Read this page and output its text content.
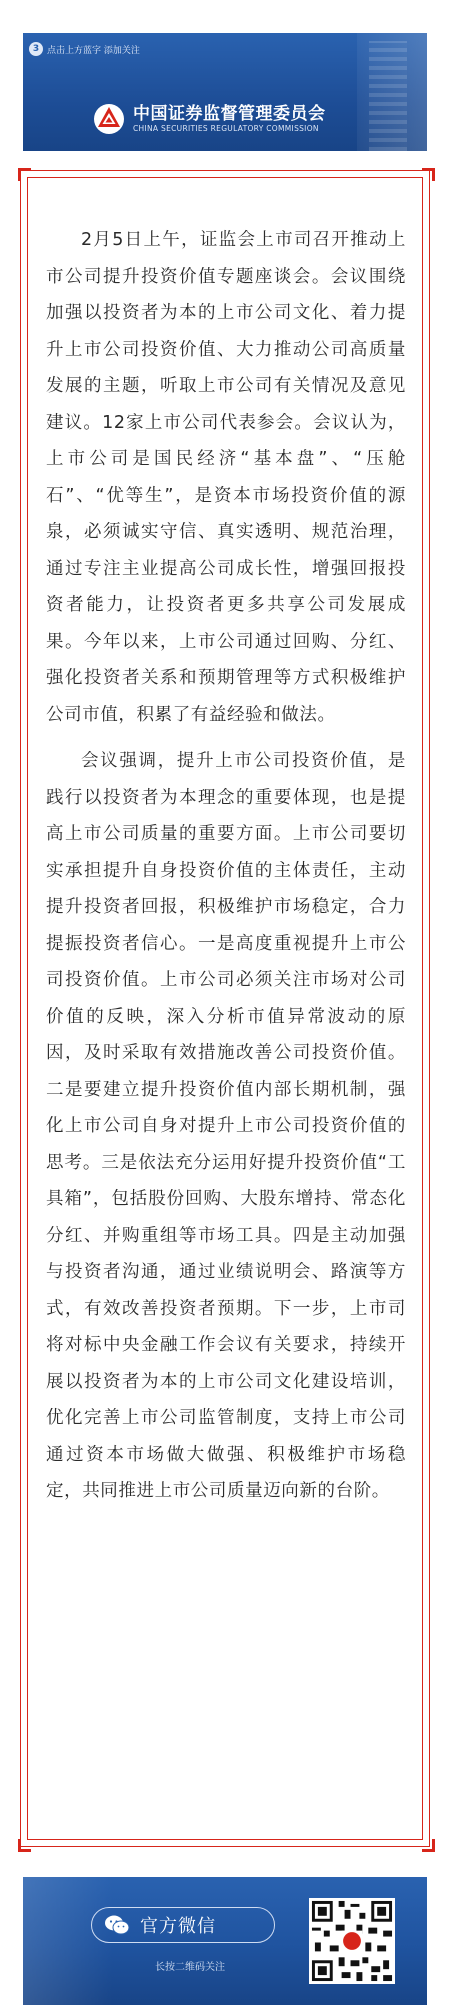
3 点击上方蓝字 添加关注
中国证券监督管理委员会
CHINA SECURITIES REGULATORY COMMISSION

2月5日上午，证监会上市司召开推动上市公司提升投资价值专题座谈会。会议围绕加强以投资者为本的上市公司文化、着力提升上市公司投资价值、大力推动公司高质量发展的主题，听取上市公司有关情况及意见建议。12家上市公司代表参会。会议认为，上市公司是国民经济“基本盘”、“压舱石”、“优等生”，是资本市场投资价值的源泉，必须诚实守信、真实透明、规范治理，通过专注主业提高公司成长性，增强回报投资者能力，让投资者更多共享公司发展成果。今年以来，上市公司通过回购、分红、强化投资者关系和预期管理等方式积极维护公司市值，积累了有益经验和做法。

会议强调，提升上市公司投资价值，是践行以投资者为本理念的重要体现，也是提高上市公司质量的重要方面。上市公司要切实承担提升自身投资价值的主体责任，主动提升投资者回报，积极维护市场稳定，合力提振投资者信心。一是高度重视提升上市公司投资价值。上市公司必须关注市场对公司价值的反映，深入分析市值异常波动的原因，及时采取有效措施改善公司投资价值。二是要建立提升投资价值内部长期机制，强化上市公司自身对提升上市公司投资价值的思考。三是依法充分运用好提升投资价值“工具箱”，包括股份回购、大股东增持、常态化分红、并购重组等市场工具。四是主动加强与投资者沟通，通过业绩说明会、路演等方式，有效改善投资者预期。下一步，上市司将对标中央金融工作会议有关要求，持续开展以投资者为本的上市公司文化建设培训，优化完善上市公司监管制度，支持上市公司通过资本市场做大做强、积极维护市场稳定，共同推进上市公司质量迈向新的台阶。

官方微信
长按二维码关注
